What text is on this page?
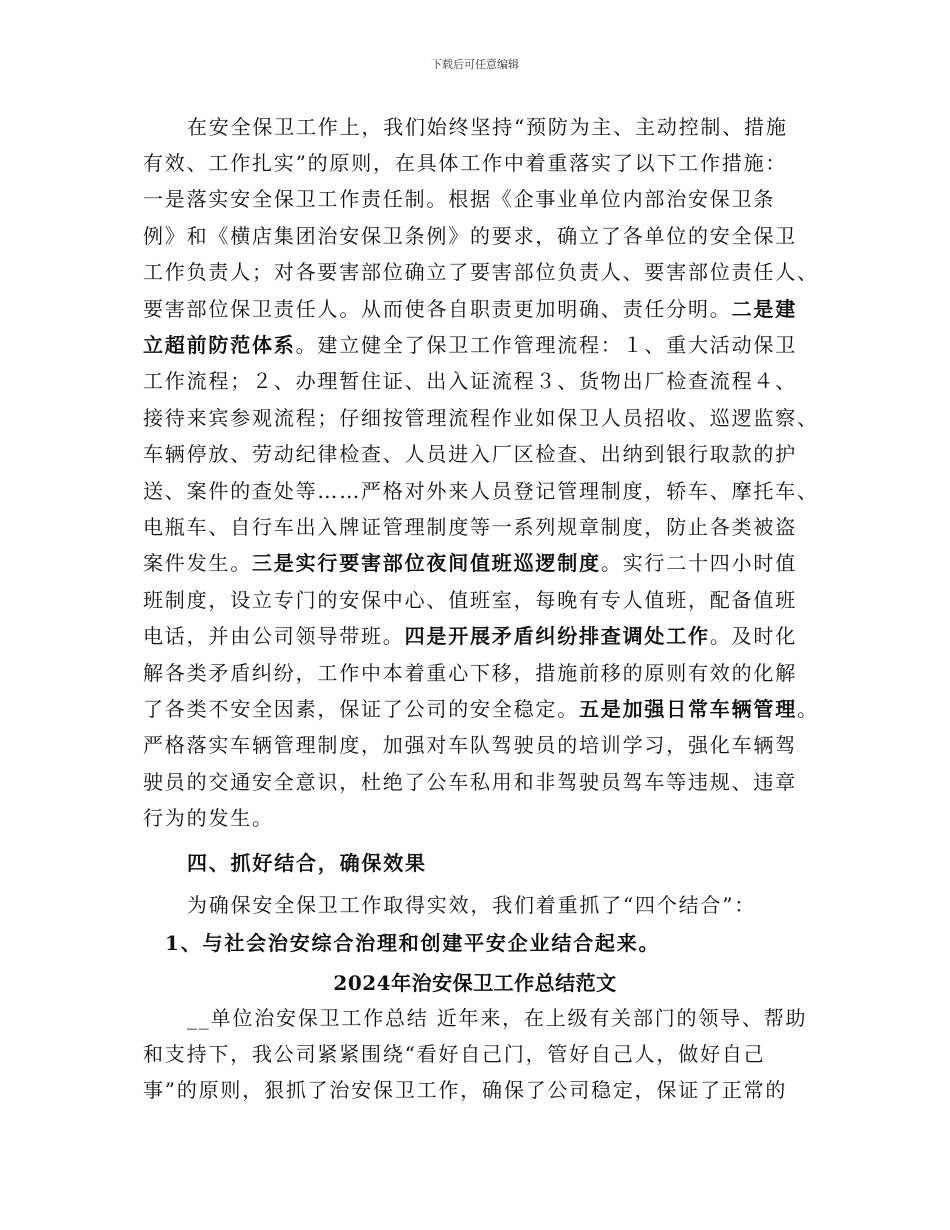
下载后可任意编辑
在安全保卫工作上，我们始终坚持“预防为主、主动控制、措施
有效、工作扎实”的原则，在具体工作中着重落实了以下工作措施：
一是落实安全保卫工作责任制。根据《企事业单位内部治安保卫条
例》和《横店集团治安保卫条例》的要求，确立了各单位的安全保卫
工作负责人；对各要害部位确立了要害部位负责人、要害部位责任人、
要害部位保卫责任人。从而使各自职责更加明确、责任分明。二是建
立超前防范体系。建立健全了保卫工作管理流程：１、重大活动保卫
工作流程；２、办理暂住证、出入证流程３、货物出厂检查流程４、
接待来宾参观流程；仔细按管理流程作业如保卫人员招收、巡逻监察、
车辆停放、劳动纪律检查、人员进入厂区检查、出纳到银行取款的护
送、案件的查处等……严格对外来人员登记管理制度，轿车、摩托车、
电瓶车、自行车出入牌证管理制度等一系列规章制度，防止各类被盗
案件发生。三是实行要害部位夜间值班巡逻制度。实行二十四小时值
班制度，设立专门的安保中心、值班室，每晚有专人值班，配备值班
电话，并由公司领导带班。四是开展矛盾纠纷排查调处工作。及时化
解各类矛盾纠纷，工作中本着重心下移，措施前移的原则有效的化解
了各类不安全因素，保证了公司的安全稳定。五是加强日常车辆管理。
严格落实车辆管理制度，加强对车队驾驶员的培训学习，强化车辆驾
驶员的交通安全意识，杜绝了公车私用和非驾驶员驾车等违规、违章
行为的发生。
四、抓好结合，确保效果
为确保安全保卫工作取得实效，我们着重抓了“四个结合”：
1、与社会治安综合治理和创建平安企业结合起来。
2024年治安保卫工作总结范文
__单位治安保卫工作总结 近年来，在上级有关部门的领导、帮助
和支持下，我公司紧紧围绕“看好自己门，管好自己人，做好自己
事”的原则，狠抓了治安保卫工作，确保了公司稳定，保证了正常的
